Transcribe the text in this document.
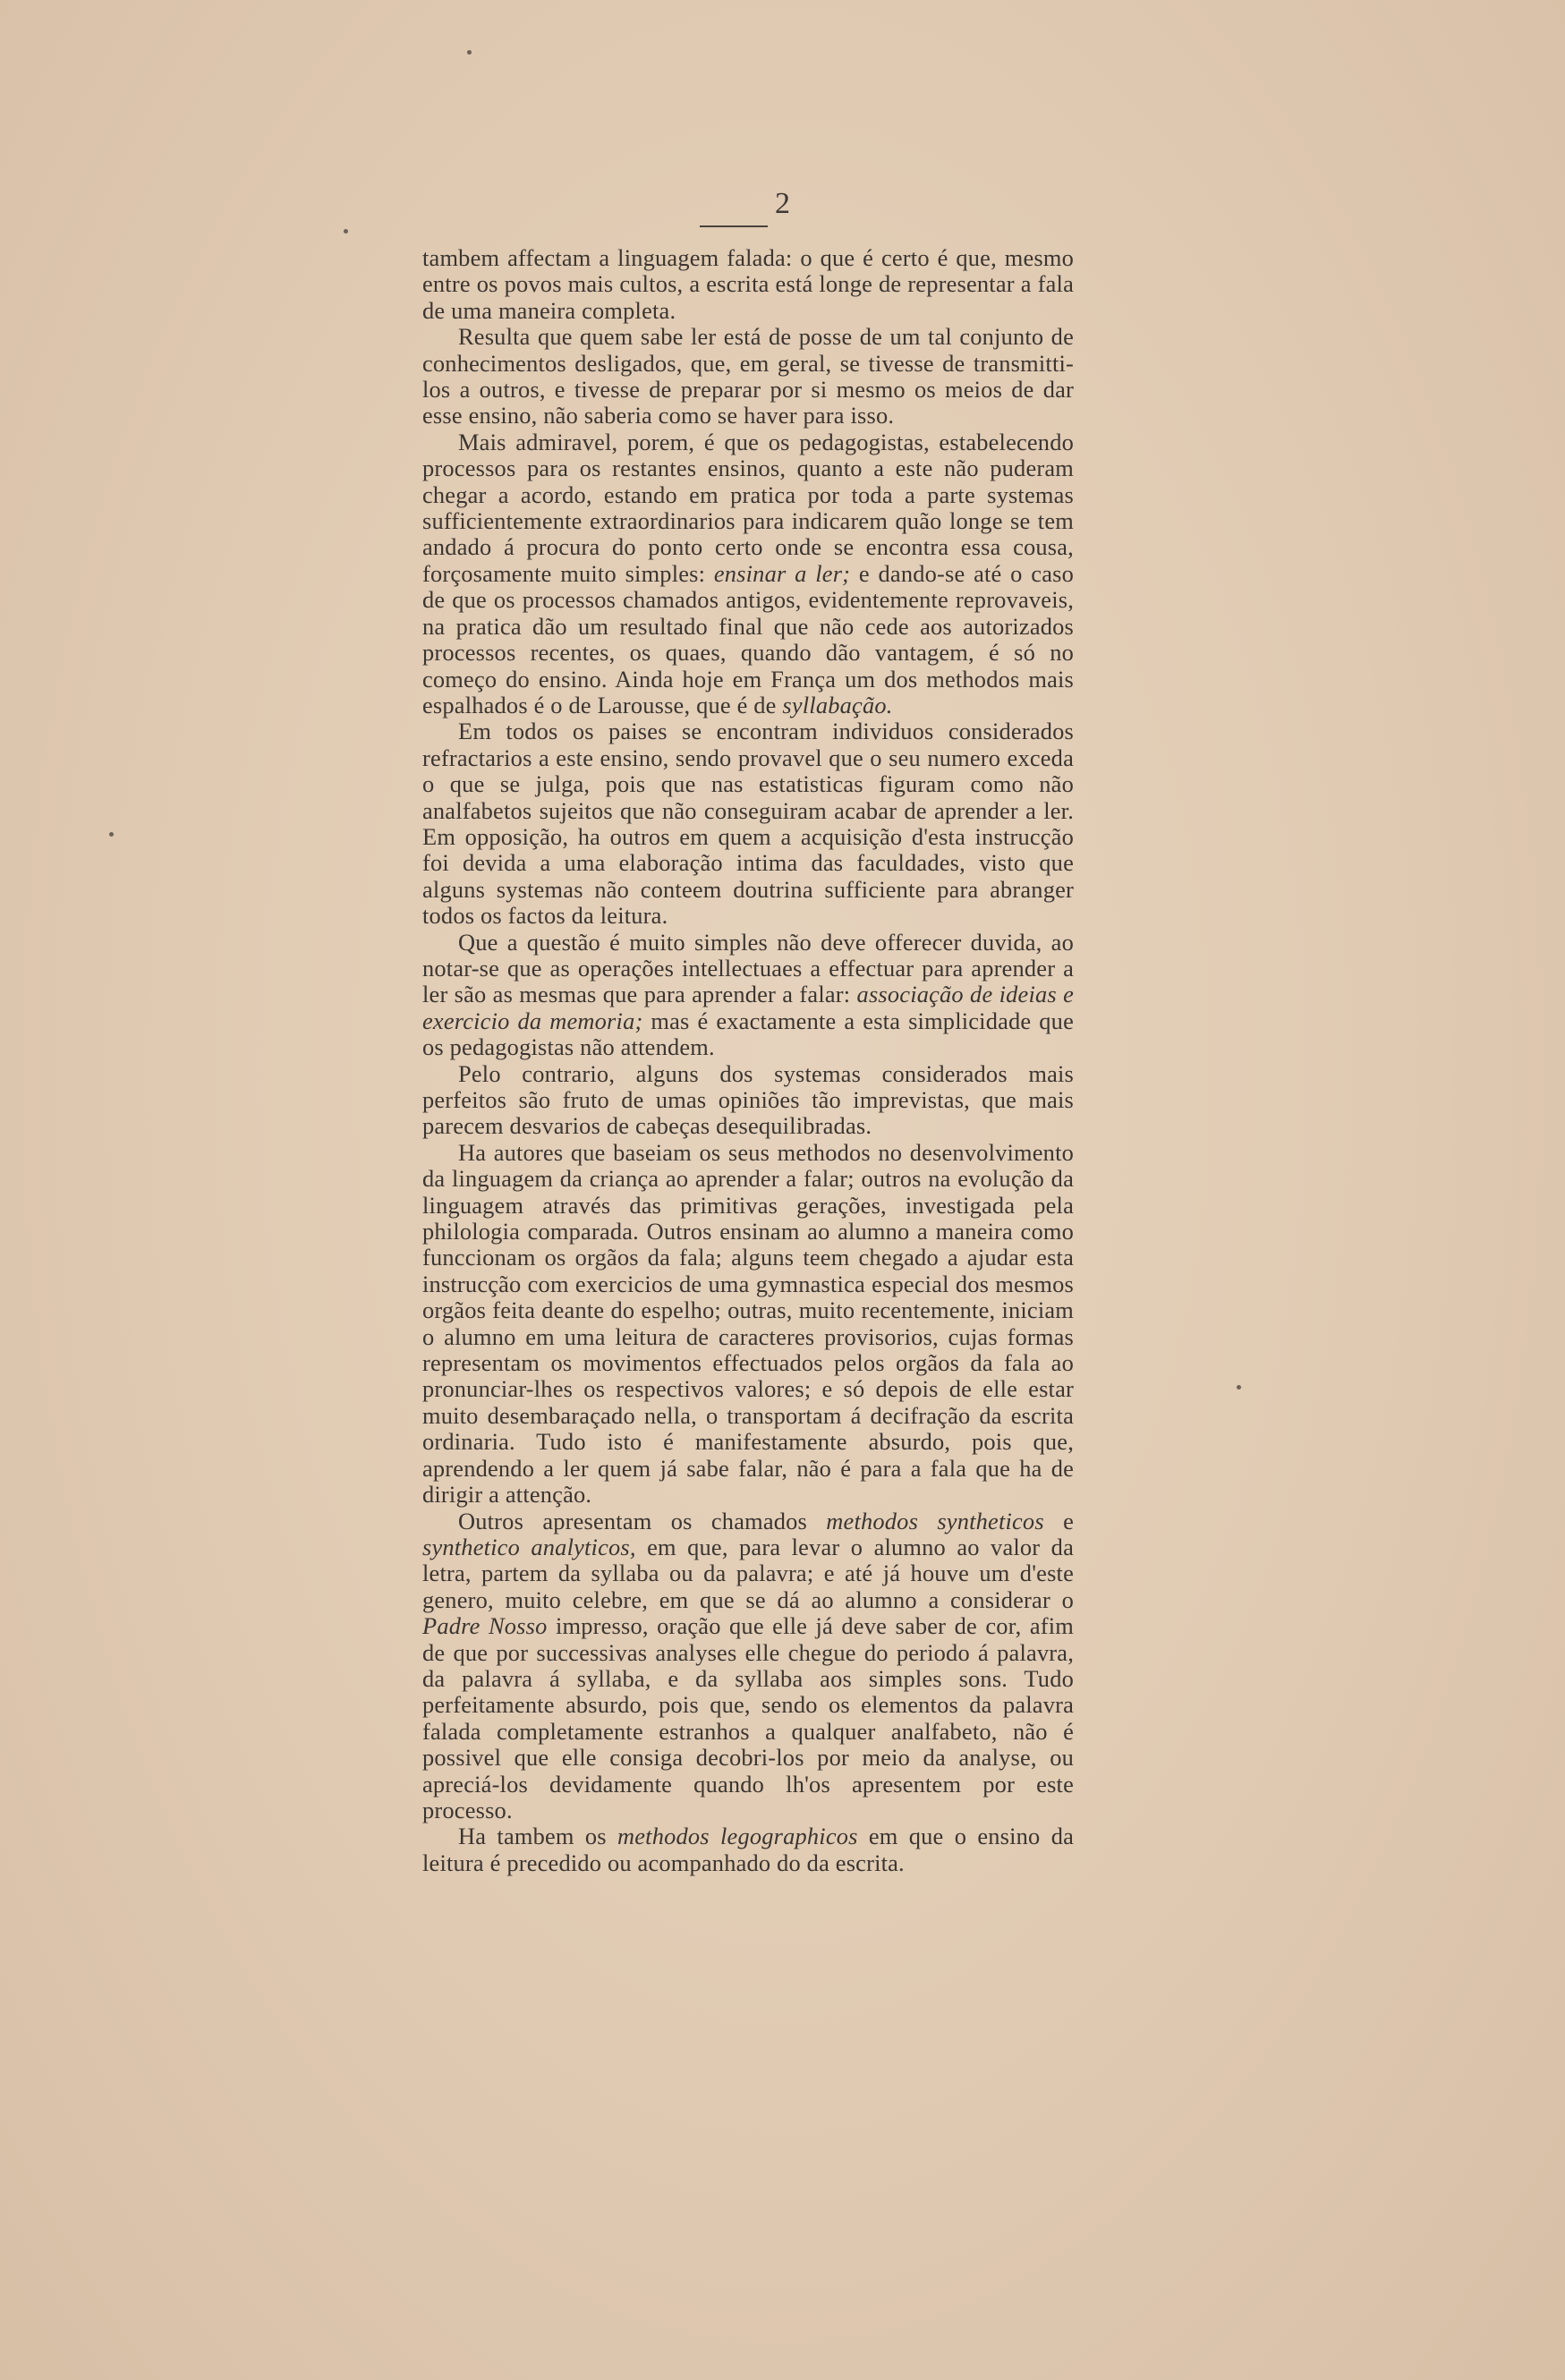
2

tambem affectam a linguagem falada: o que é certo é que, mesmo entre os povos mais cultos, a escrita está longe de representar a fala de uma maneira completa.

Resulta que quem sabe ler está de posse de um tal conjunto de conhecimentos desligados, que, em geral, se tivesse de transmitti-los a outros, e tivesse de preparar por si mesmo os meios de dar esse ensino, não saberia como se haver para isso.

Mais admiravel, porem, é que os pedagogistas, estabelecendo processos para os restantes ensinos, quanto a este não puderam chegar a acordo, estando em pratica por toda a parte systemas sufficientemente extraordinarios para indicarem quão longe se tem andado á procura do ponto certo onde se encontra essa cousa, forçosamente muito simples: ensinar a ler; e dando-se até o caso de que os processos chamados antigos, evidentemente reprovaveis, na pratica dão um resultado final que não cede aos autorizados processos recentes, os quaes, quando dão vantagem, é só no começo do ensino. Ainda hoje em França um dos methodos mais espalhados é o de Larousse, que é de syllabação.

Em todos os paises se encontram individuos considerados refractarios a este ensino, sendo provavel que o seu numero exceda o que se julga, pois que nas estatisticas figuram como não analfabetos sujeitos que não conseguiram acabar de aprender a ler. Em opposição, ha outros em quem a acquisição d'esta instrucção foi devida a uma elaboração intima das faculdades, visto que alguns systemas não conteem doutrina sufficiente para abranger todos os factos da leitura.

Que a questão é muito simples não deve offerecer duvida, ao notar-se que as operações intellectuaes a effectuar para aprender a ler são as mesmas que para aprender a falar: associação de ideias e exercicio da memoria; mas é exactamente a esta simplicidade que os pedagogistas não attendem.

Pelo contrario, alguns dos systemas considerados mais perfeitos são fruto de umas opiniões tão imprevistas, que mais parecem desvarios de cabeças desequilibradas.

Ha autores que baseiam os seus methodos no desenvolvimento da linguagem da criança ao aprender a falar; outros na evolução da linguagem através das primitivas gerações, investigada pela philologia comparada. Outros ensinam ao alumno a maneira como funccionam os orgãos da fala; alguns teem chegado a ajudar esta instrucção com exercicios de uma gymnastica especial dos mesmos orgãos feita deante do espelho; outras, muito recentemente, iniciam o alumno em uma leitura de caracteres provisorios, cujas formas representam os movimentos effectuados pelos orgãos da fala ao pronunciar-lhes os respectivos valores; e só depois de elle estar muito desembaraçado nella, o transportam á decifração da escrita ordinaria. Tudo isto é manifestamente absurdo, pois que, aprendendo a ler quem já sabe falar, não é para a fala que ha de dirigir a attenção.

Outros apresentam os chamados methodos syntheticos e synthetico analyticos, em que, para levar o alumno ao valor da letra, partem da syllaba ou da palavra; e até já houve um d'este genero, muito celebre, em que se dá ao alumno a considerar o Padre Nosso impresso, oração que elle já deve saber de cor, afim de que por successivas analyses elle chegue do periodo á palavra, da palavra á syllaba, e da syllaba aos simples sons. Tudo perfeitamente absurdo, pois que, sendo os elementos da palavra falada completamente estranhos a qualquer analfabeto, não é possivel que elle consiga decobri-los por meio da analyse, ou apreciá-los devidamente quando lh'os apresentem por este processo.

Ha tambem os methodos legographicos em que o ensino da leitura é precedido ou acompanhado do da escrita.
